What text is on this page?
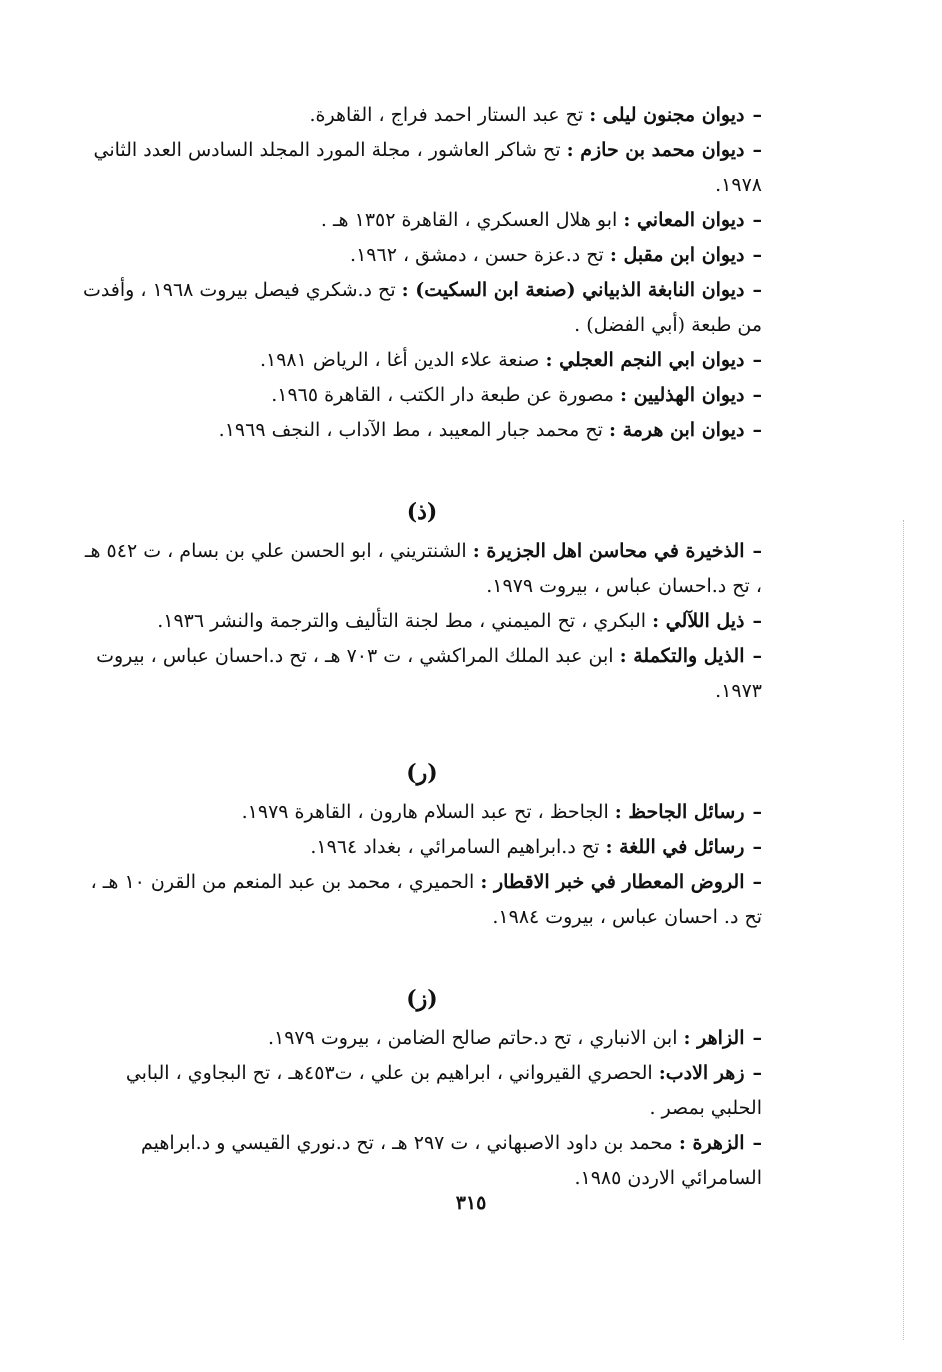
–ديوان مجنون ليلى : تح عبد الستار احمد فراج ، القاهرة.

–ديوان محمد بن حازم : تح شاكر العاشور ، مجلة المورد المجلد السادس العدد الثاني ١٩٧٨.

–ديوان المعاني : ابو هلال العسكري ، القاهرة ١٣٥٢ هـ .

–ديوان ابن مقبل : تح د.عزة حسن ، دمشق ، ١٩٦٢.

–ديوان النابغة الذبياني (صنعة ابن السكيت) : تح د.شكري فيصل بيروت ١٩٦٨ ، وأفدت من طبعة (أبي الفضل) .

–ديوان ابي النجم العجلي : صنعة علاء الدين أغا ، الرياض ١٩٨١.

–ديوان الهذليين : مصورة عن طبعة دار الكتب ، القاهرة ١٩٦٥.

–ديوان ابن هرمة : تح محمد جبار المعيبد ، مط الآداب ، النجف ١٩٦٩.

(ذ)

–الذخيرة في محاسن اهل الجزيرة : الشنتريني ، ابو الحسن علي بن بسام ، ت ٥٤٢ هـ ، تح د.احسان عباس ، بيروت ١٩٧٩.

–ذيل اللآلي : البكري ، تح الميمني ، مط لجنة التأليف والترجمة والنشر ١٩٣٦.

–الذيل والتكملة : ابن عبد الملك المراكشي ، ت ٧٠٣ هـ ، تح د.احسان عباس ، بيروت ١٩٧٣.

(ر)

–رسائل الجاحظ : الجاحظ ، تح عبد السلام هارون ، القاهرة ١٩٧٩.

–رسائل في اللغة : تح د.ابراهيم السامرائي ، بغداد ١٩٦٤.

–الروض المعطار في خبر الاقطار : الحميري ، محمد بن عبد المنعم من القرن ١٠ هـ ، تح د. احسان عباس ، بيروت ١٩٨٤.

(ز)

–الزاهر : ابن الانباري ، تح د.حاتم صالح الضامن ، بيروت ١٩٧٩.

–زهر الادب: الحصري القيرواني ، ابراهيم بن علي ، ت٤٥٣هـ ، تح البجاوي ، البابي الحلبي بمصر .

–الزهرة : محمد بن داود الاصبهاني ، ت ٢٩٧ هـ ، تح د.نوري القيسي و د.ابراهيم السامرائي الاردن ١٩٨٥.

٣١٥
